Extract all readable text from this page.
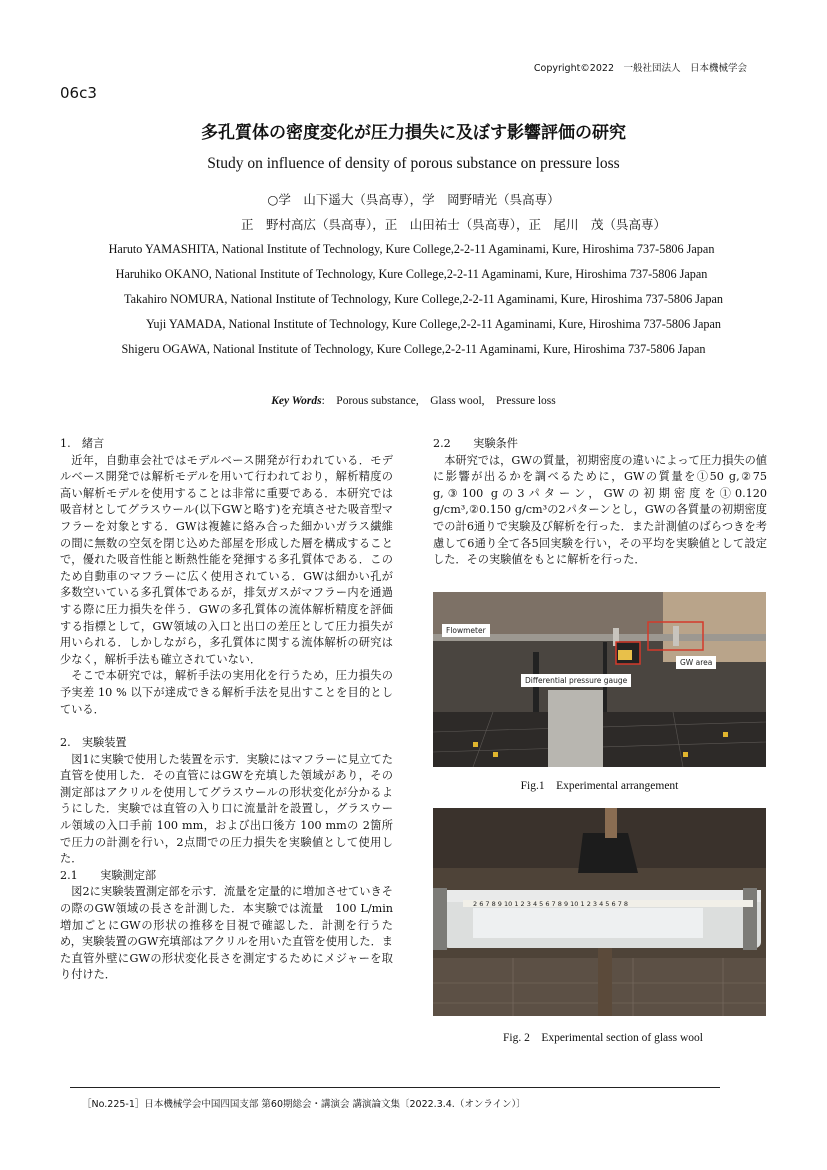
Copyright©2022　一般社団法人　日本機械学会
06c3
多孔質体の密度変化が圧力損失に及ぼす影響評価の研究
Study on influence of density of porous substance on pressure loss
○学　山下遥大（呉高専），学　岡野晴光（呉高専）
正　野村高広（呉高専），正　山田祐士（呉高専），正　尾川　茂（呉高専）
Haruto YAMASHITA, National Institute of Technology, Kure College,2-2-11 Agaminami, Kure, Hiroshima 737-5806 Japan
Haruhiko OKANO, National Institute of Technology, Kure College,2-2-11 Agaminami, Kure, Hiroshima 737-5806 Japan
Takahiro NOMURA, National Institute of Technology, Kure College,2-2-11 Agaminami, Kure, Hiroshima 737-5806 Japan
Yuji YAMADA, National Institute of Technology, Kure College,2-2-11 Agaminami, Kure, Hiroshima 737-5806 Japan
Shigeru OGAWA, National Institute of Technology, Kure College,2-2-11 Agaminami, Kure, Hiroshima 737-5806 Japan
Key Words:　Porous substance,　Glass wool,　Pressure loss
1.　緒言

近年，自動車会社ではモデルベース開発が行われている．モデルベース開発では解析モデルを用いて行われており，解析精度の高い解析モデルを使用することは非常に重要である．本研究では吸音材としてグラスウール(以下GWと略す)を充填させた吸音型マフラーを対象とする．GWは複雑に絡み合った細かいガラス繊維の間に無数の空気を閉じ込めた部屋を形成した層を構成することで，優れた吸音性能と断熱性能を発揮する多孔質体である．このため自動車のマフラーに広く使用されている．GWは細かい孔が多数空いている多孔質体であるが，排気ガスがマフラー内を通過する際に圧力損失を伴う．GWの多孔質体の流体解析精度を評価する指標として，GW領域の入口と出口の差圧として圧力損失が用いられる．しかしながら，多孔質体に関する流体解析の研究は少なく，解析手法も確立されていない．

そこで本研究では，解析手法の実用化を行うため，圧力損失の予実差 10 % 以下が達成できる解析手法を見出すことを目的としている．

2.　実験装置

図1に実験で使用した装置を示す．実験にはマフラーに見立てた直管を使用した．その直管にはGWを充填した領域があり，その測定部はアクリルを使用してグラスウールの形状変化が分かるようにした．実験では直管の入り口に流量計を設置し，グラスウール領域の入口手前 100 mm，および出口後方 100 mmの 2箇所で圧力の計測を行い，2点間での圧力損失を実験値として使用した．

2.1　　実験測定部

図2に実験装置測定部を示す．流量を定量的に増加させていきその際のGW領域の長さを計測した．本実験では流量　100 L/min　増加ごとにGWの形状の推移を目視で確認した．計測を行うため，実験装置のGW充填部はアクリルを用いた直管を使用した．また直管外壁にGWの形状変化長さを測定するためにメジャーを取り付けた．

2.2　　実験条件

本研究では，GWの質量，初期密度の違いによって圧力損失の値に影響が出るかを調べるために，GWの質量を①50 g,②75 g,③100 gの3パターン，GWの初期密度を①0.120 g/cm³,②0.150 g/cm³の2パターンとし，GWの各質量の初期密度での計6通りで実験及び解析を行った．また計測値のばらつきを考慮して6通り全て各5回実験を行い，その平均を実験値として設定した．その実験値をもとに解析を行った．

Flowmeter
GW area
Differential pressure gauge
Fig.1　Experimental arrangement
2 6 7 8 9 10 1 2 3 4 5 6 7 8 9 10 1 2 3 4 5 6 7 8
Fig. 2　Experimental section of glass wool
［No.225-1］日本機械学会中国四国支部 第60期総会・講演会 講演論文集〔2022.3.4.（オンライン）〕
